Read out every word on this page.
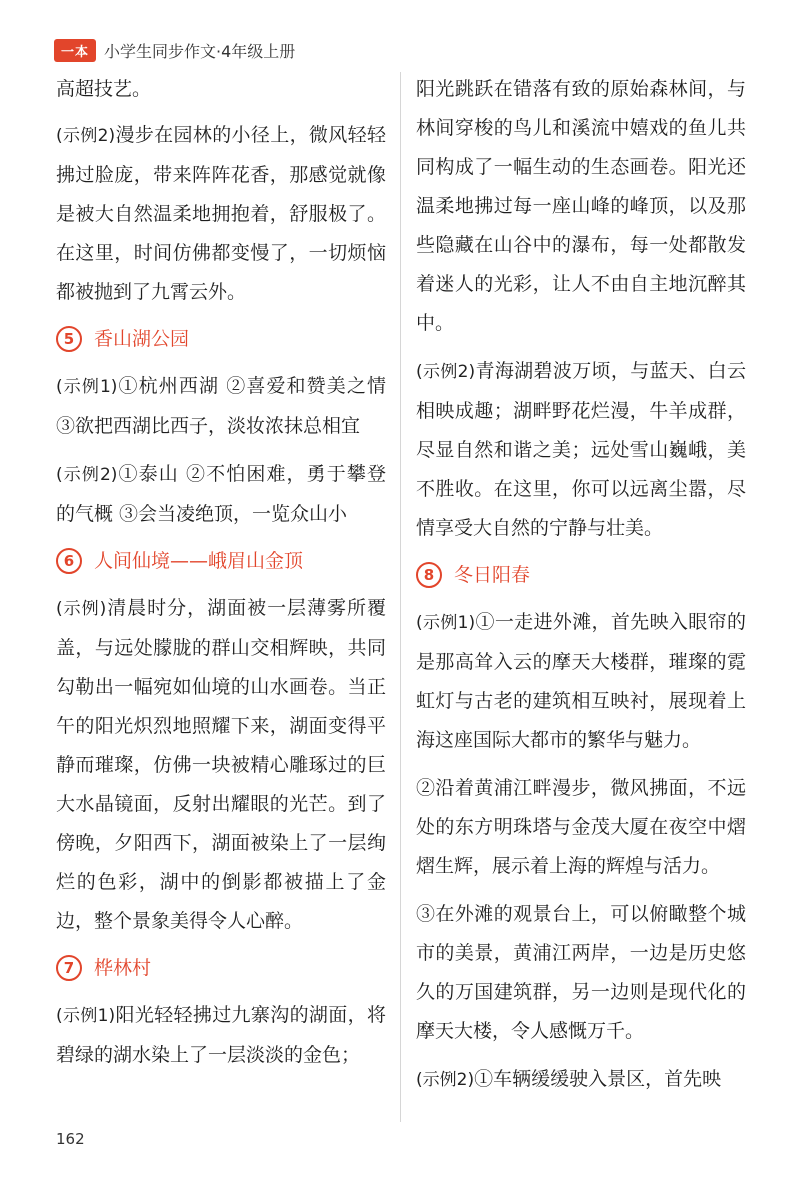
一本 小学生同步作文·4年级上册

高超技艺。

(示例2)漫步在园林的小径上，微风轻轻拂过脸庞，带来阵阵花香，那感觉就像是被大自然温柔地拥抱着，舒服极了。在这里，时间仿佛都变慢了，一切烦恼都被抛到了九霄云外。

5	香山湖公园

(示例1)①杭州西湖 ②喜爱和赞美之情 ③欲把西湖比西子，淡妆浓抹总相宜

(示例2)①泰山 ②不怕困难，勇于攀登的气概 ③会当凌绝顶，一览众山小

6	人间仙境——峨眉山金顶

(示例)清晨时分，湖面被一层薄雾所覆盖，与远处朦胧的群山交相辉映，共同勾勒出一幅宛如仙境的山水画卷。当正午的阳光炽烈地照耀下来，湖面变得平静而璀璨，仿佛一块被精心雕琢过的巨大水晶镜面，反射出耀眼的光芒。到了傍晚，夕阳西下，湖面被染上了一层绚烂的色彩，湖中的倒影都被描上了金边，整个景象美得令人心醉。

7	桦林村

(示例1)阳光轻轻拂过九寨沟的湖面，将碧绿的湖水染上了一层淡淡的金色；

阳光跳跃在错落有致的原始森林间，与林间穿梭的鸟儿和溪流中嬉戏的鱼儿共同构成了一幅生动的生态画卷。阳光还温柔地拂过每一座山峰的峰顶，以及那些隐藏在山谷中的瀑布，每一处都散发着迷人的光彩，让人不由自主地沉醉其中。

(示例2)青海湖碧波万顷，与蓝天、白云相映成趣；湖畔野花烂漫，牛羊成群，尽显自然和谐之美；远处雪山巍峨，美不胜收。在这里，你可以远离尘嚣，尽情享受大自然的宁静与壮美。

8	冬日阳春

(示例1)①一走进外滩，首先映入眼帘的是那高耸入云的摩天大楼群，璀璨的霓虹灯与古老的建筑相互映衬，展现着上海这座国际大都市的繁华与魅力。

②沿着黄浦江畔漫步，微风拂面，不远处的东方明珠塔与金茂大厦在夜空中熠熠生辉，展示着上海的辉煌与活力。

③在外滩的观景台上，可以俯瞰整个城市的美景，黄浦江两岸，一边是历史悠久的万国建筑群，另一边则是现代化的摩天大楼，令人感慨万千。

(示例2)①车辆缓缓驶入景区，首先映

162
